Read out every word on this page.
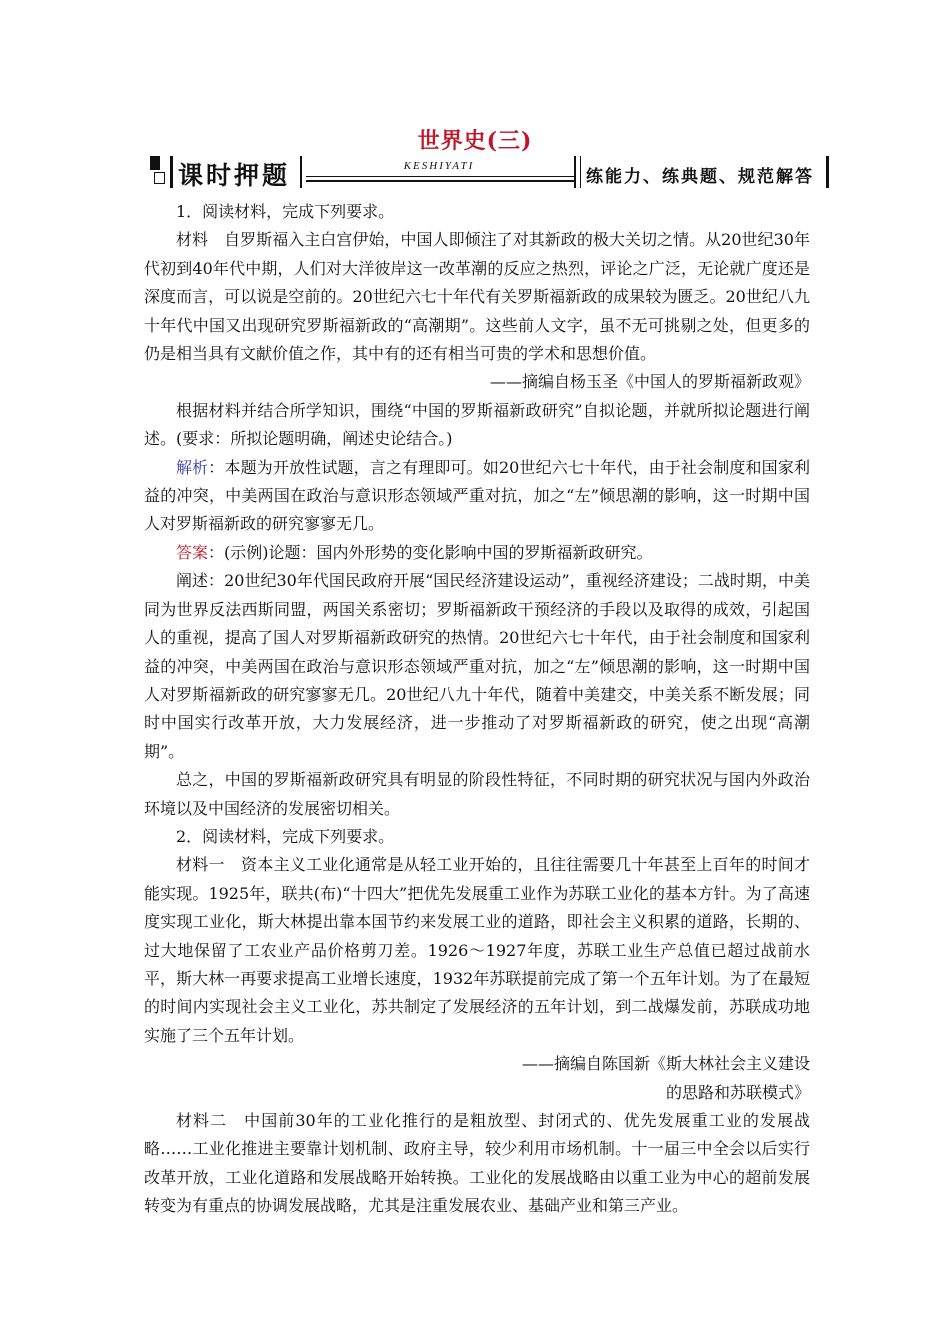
世界史(三)
课时押题	KESHIYATI
练能力、练典题、规范解答

1．阅读材料，完成下列要求。

材料　自罗斯福入主白宫伊始，中国人即倾注了对其新政的极大关切之情。从20世纪30年代初到40年代中期，人们对大洋彼岸这一改革潮的反应之热烈，评论之广泛，无论就广度还是深度而言，可以说是空前的。20世纪六七十年代有关罗斯福新政的成果较为匮乏。20世纪八九十年代中国又出现研究罗斯福新政的“高潮期”。这些前人文字，虽不无可挑剔之处，但更多的仍是相当具有文献价值之作，其中有的还有相当可贵的学术和思想价值。

——摘编自杨玉圣《中国人的罗斯福新政观》

根据材料并结合所学知识，围绕“中国的罗斯福新政研究”自拟论题，并就所拟论题进行阐述。(要求：所拟论题明确，阐述史论结合。)

解析：本题为开放性试题，言之有理即可。如20世纪六七十年代，由于社会制度和国家利益的冲突，中美两国在政治与意识形态领域严重对抗，加之“左”倾思潮的影响，这一时期中国人对罗斯福新政的研究寥寥无几。

答案：(示例)论题：国内外形势的变化影响中国的罗斯福新政研究。

阐述：20世纪30年代国民政府开展“国民经济建设运动”，重视经济建设；二战时期，中美同为世界反法西斯同盟，两国关系密切；罗斯福新政干预经济的手段以及取得的成效，引起国人的重视，提高了国人对罗斯福新政研究的热情。20世纪六七十年代，由于社会制度和国家利益的冲突，中美两国在政治与意识形态领域严重对抗，加之“左”倾思潮的影响，这一时期中国人对罗斯福新政的研究寥寥无几。20世纪八九十年代，随着中美建交，中美关系不断发展；同时中国实行改革开放，大力发展经济，进一步推动了对罗斯福新政的研究，使之出现“高潮期”。

总之，中国的罗斯福新政研究具有明显的阶段性特征，不同时期的研究状况与国内外政治环境以及中国经济的发展密切相关。

2．阅读材料，完成下列要求。

材料一　资本主义工业化通常是从轻工业开始的，且往往需要几十年甚至上百年的时间才能实现。1925年，联共(布)“十四大”把优先发展重工业作为苏联工业化的基本方针。为了高速度实现工业化，斯大林提出靠本国节约来发展工业的道路，即社会主义积累的道路，长期的、过大地保留了工农业产品价格剪刀差。1926～1927年度，苏联工业生产总值已超过战前水平，斯大林一再要求提高工业增长速度，1932年苏联提前完成了第一个五年计划。为了在最短的时间内实现社会主义工业化，苏共制定了发展经济的五年计划，到二战爆发前，苏联成功地实施了三个五年计划。

——摘编自陈国新《斯大林社会主义建设

的思路和苏联模式》

材料二　中国前30年的工业化推行的是粗放型、封闭式的、优先发展重工业的发展战略……工业化推进主要靠计划机制、政府主导，较少利用市场机制。十一届三中全会以后实行改革开放，工业化道路和发展战略开始转换。工业化的发展战略由以重工业为中心的超前发展转变为有重点的协调发展战略，尤其是注重发展农业、基础产业和第三产业。
